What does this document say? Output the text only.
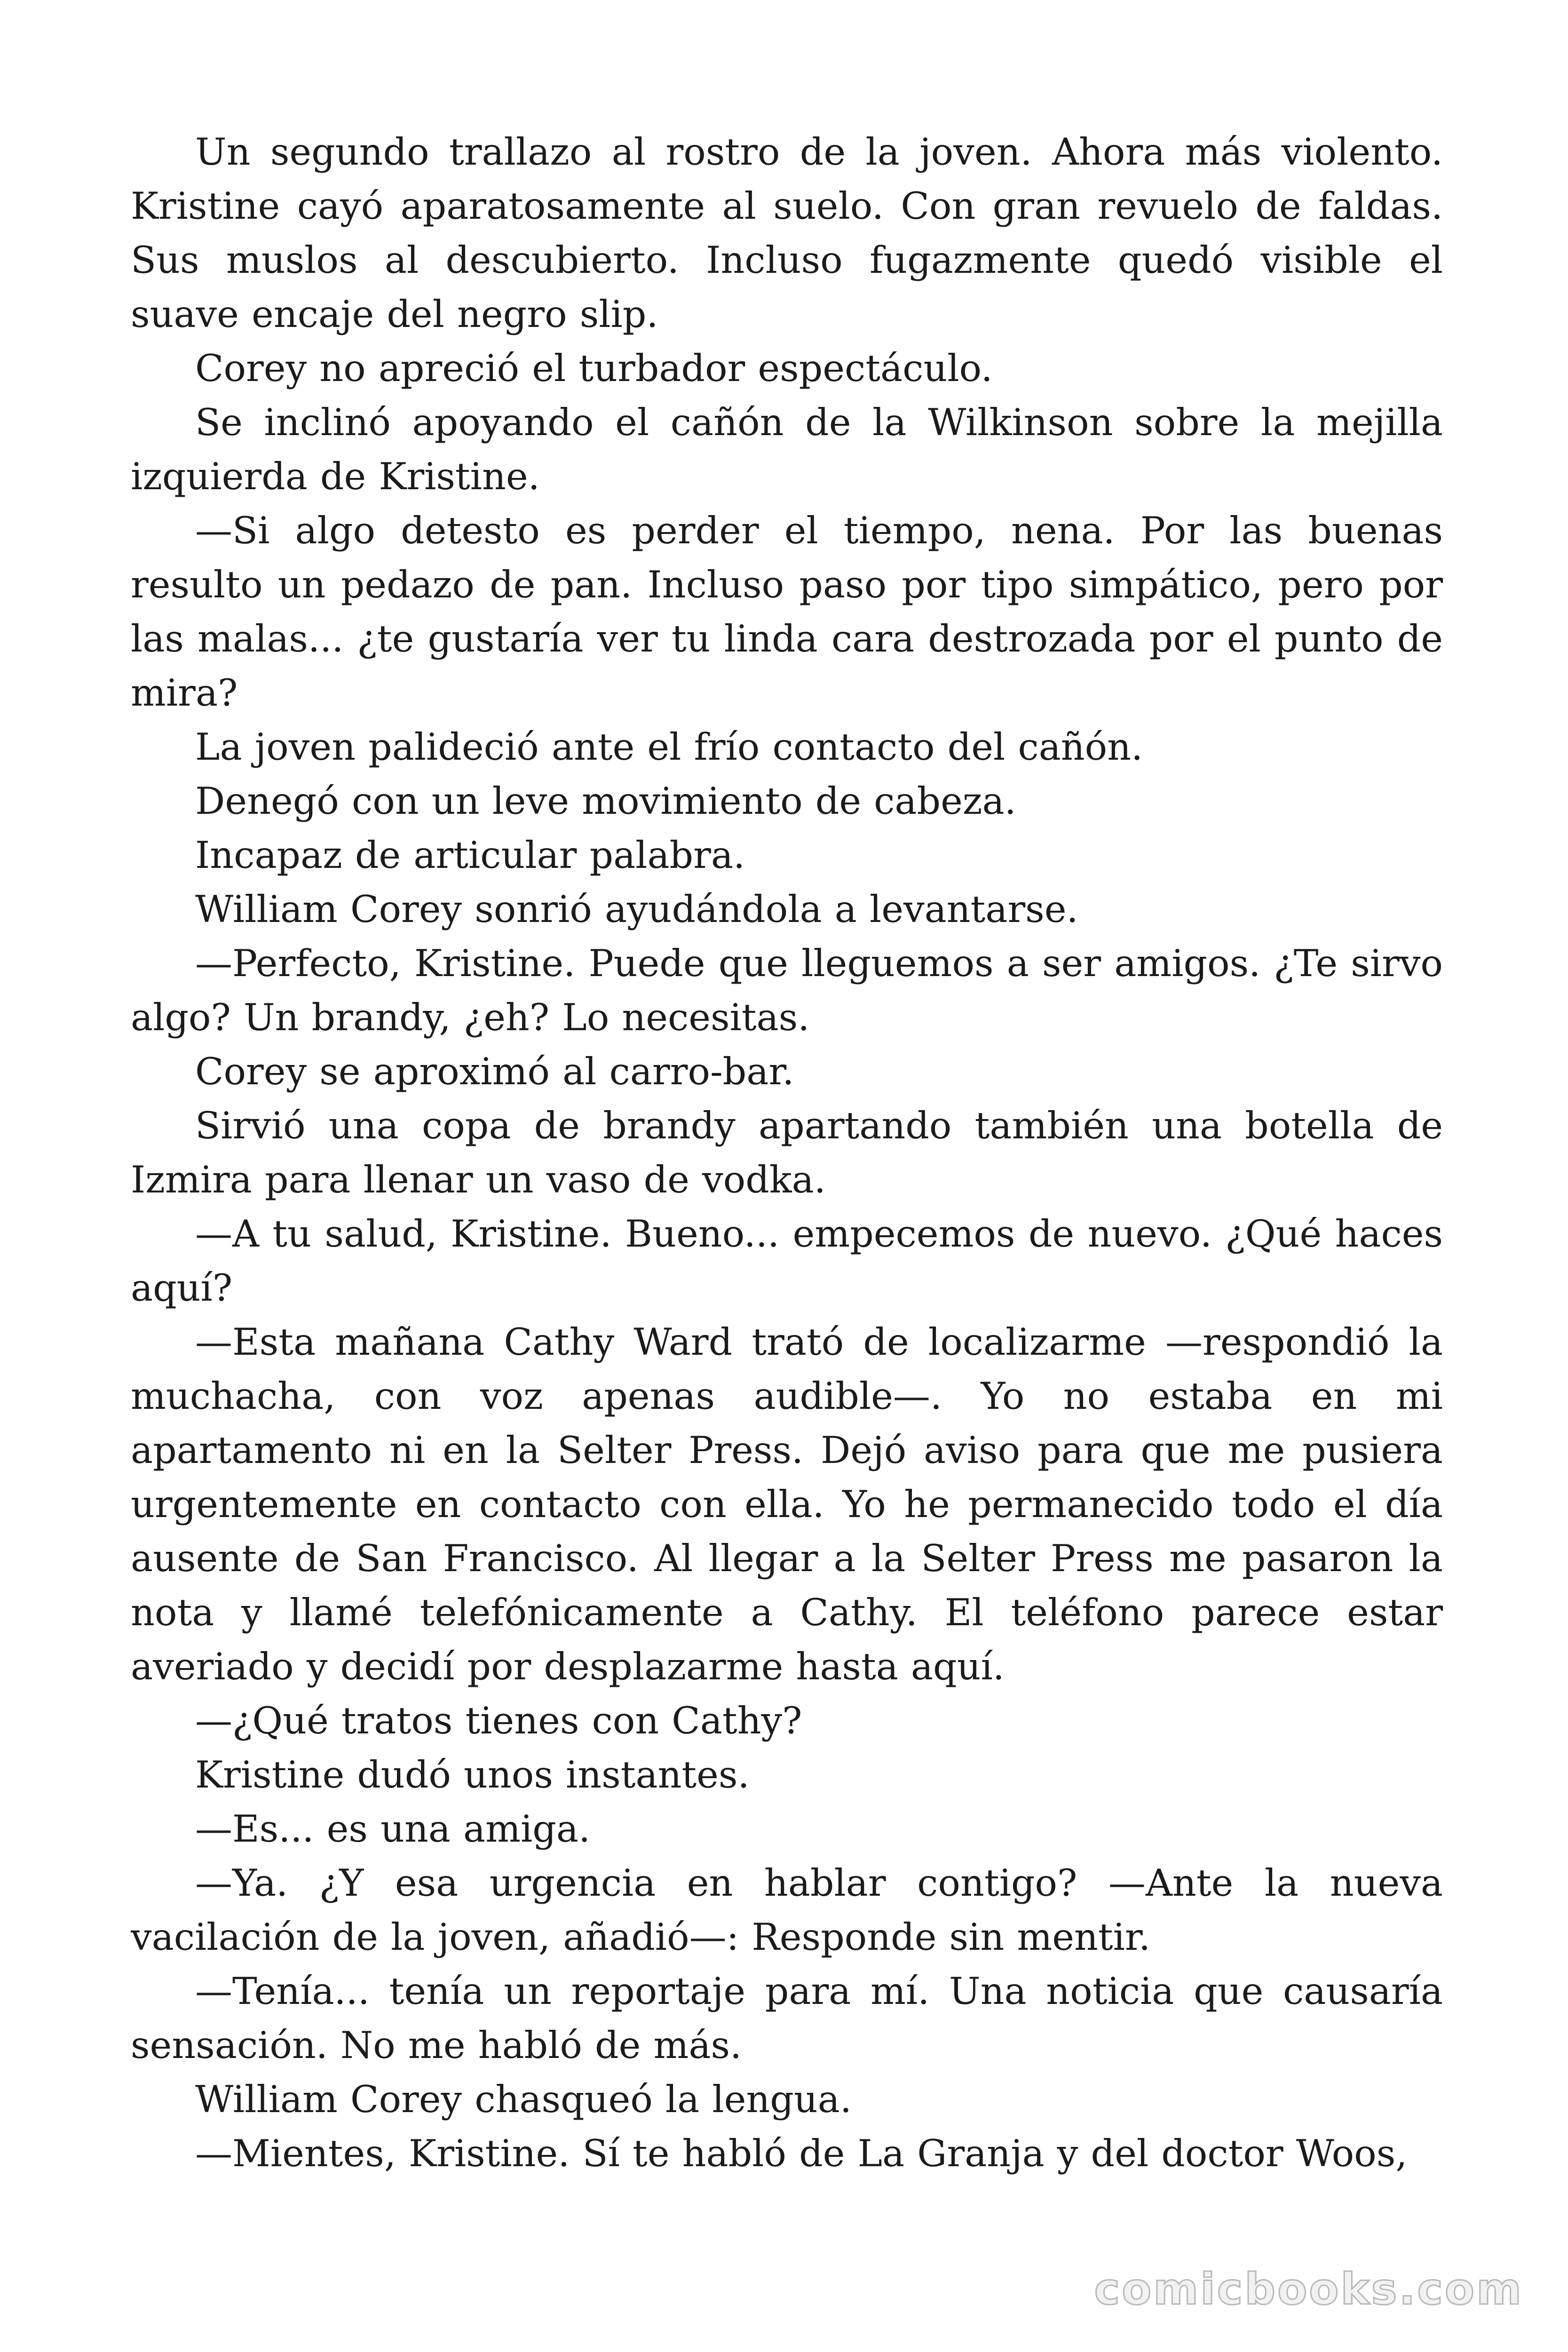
Un segundo trallazo al rostro de la joven. Ahora más violento. Kristine cayó aparatosamente al suelo. Con gran revuelo de faldas. Sus muslos al descubierto. Incluso fugazmente quedó visible el suave encaje del negro slip.

Corey no apreció el turbador espectáculo.

Se inclinó apoyando el cañón de la Wilkinson sobre la mejilla izquierda de Kristine.

—Si algo detesto es perder el tiempo, nena. Por las buenas resulto un pedazo de pan. Incluso paso por tipo simpático, pero por las malas... ¿te gustaría ver tu linda cara destrozada por el punto de mira?

La joven palideció ante el frío contacto del cañón.

Denegó con un leve movimiento de cabeza.

Incapaz de articular palabra.

William Corey sonrió ayudándola a levantarse.

—Perfecto, Kristine. Puede que lleguemos a ser amigos. ¿Te sirvo algo? Un brandy, ¿eh? Lo necesitas.

Corey se aproximó al carro-bar.

Sirvió una copa de brandy apartando también una botella de Izmira para llenar un vaso de vodka.

—A tu salud, Kristine. Bueno... empecemos de nuevo. ¿Qué haces aquí?

—Esta mañana Cathy Ward trató de localizarme —respondió la muchacha, con voz apenas audible—. Yo no estaba en mi apartamento ni en la Selter Press. Dejó aviso para que me pusiera urgentemente en contacto con ella. Yo he permanecido todo el día ausente de San Francisco. Al llegar a la Selter Press me pasaron la nota y llamé telefónicamente a Cathy. El teléfono parece estar averiado y decidí por desplazarme hasta aquí.

—¿Qué tratos tienes con Cathy?

Kristine dudó unos instantes.

—Es... es una amiga.

—Ya. ¿Y esa urgencia en hablar contigo? —Ante la nueva vacilación de la joven, añadió—: Responde sin mentir.

—Tenía... tenía un reportaje para mí. Una noticia que causaría sensación. No me habló de más.

William Corey chasqueó la lengua.

—Mientes, Kristine. Sí te habló de La Granja y del doctor Woos,

comicbooks.com
